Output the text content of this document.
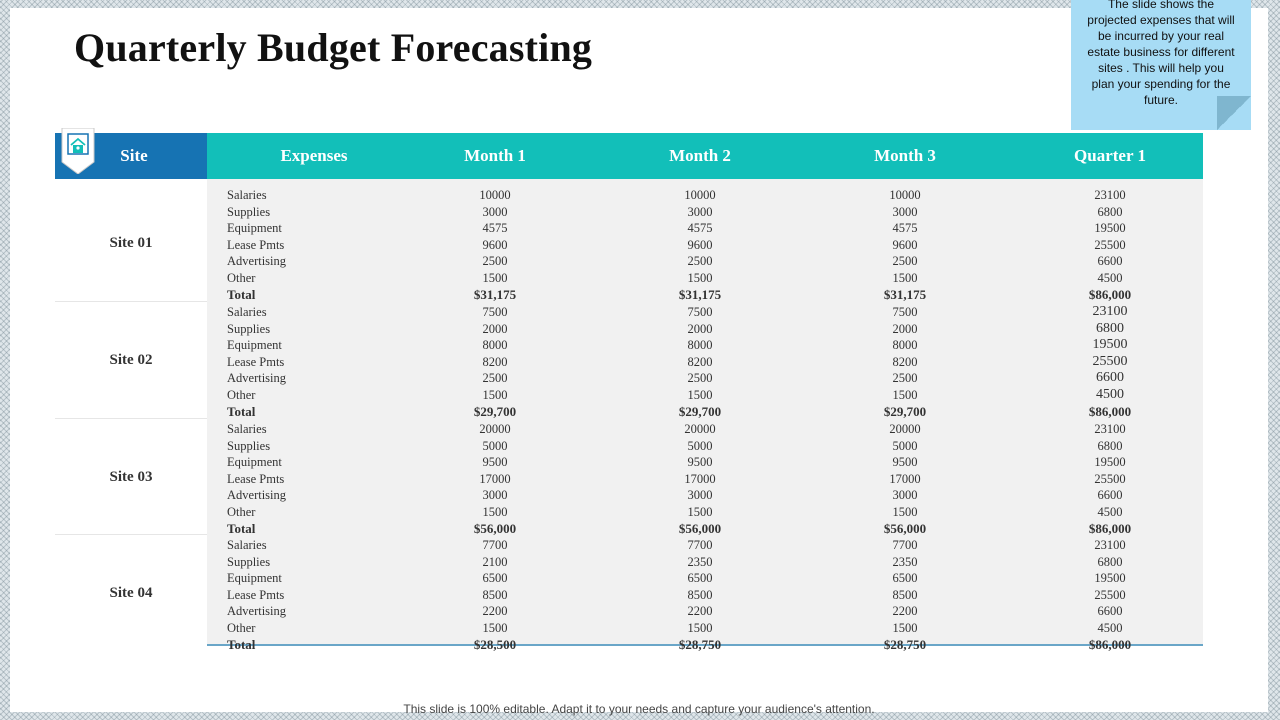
Quarterly Budget Forecasting

The slide shows the projected expenses that will be incurred by your real estate business for different sites . This will help you plan your spending for the future.

This slide is 100% editable. Adapt it to your needs and capture your audience's attention.
Site	Expenses	Month 1	Month 2	Month 3	Quarter 1
Site 01
Salaries	10000	10000	10000	23100
Supplies	3000	3000	3000	6800
Equipment	4575	4575	4575	19500
Lease Pmts	9600	9600	9600	25500
Advertising	2500	2500	2500	6600
Other	1500	1500	1500	4500
Total	$31,175	$31,175	$31,175	$86,000
Site 02
Salaries	7500	7500	7500	23100
Supplies	2000	2000	2000	6800
Equipment	8000	8000	8000	19500
Lease Pmts	8200	8200	8200	25500
Advertising	2500	2500	2500	6600
Other	1500	1500	1500	4500
Total	$29,700	$29,700	$29,700	$86,000
Site 03
Salaries	20000	20000	20000	23100
Supplies	5000	5000	5000	6800
Equipment	9500	9500	9500	19500
Lease Pmts	17000	17000	17000	25500
Advertising	3000	3000	3000	6600
Other	1500	1500	1500	4500
Total	$56,000	$56,000	$56,000	$86,000
Site 04
Salaries	7700	7700	7700	23100
Supplies	2100	2350	2350	6800
Equipment	6500	6500	6500	19500
Lease Pmts	8500	8500	8500	25500
Advertising	2200	2200	2200	6600
Other	1500	1500	1500	4500
Total	$28,500	$28,750	$28,750	$86,000
